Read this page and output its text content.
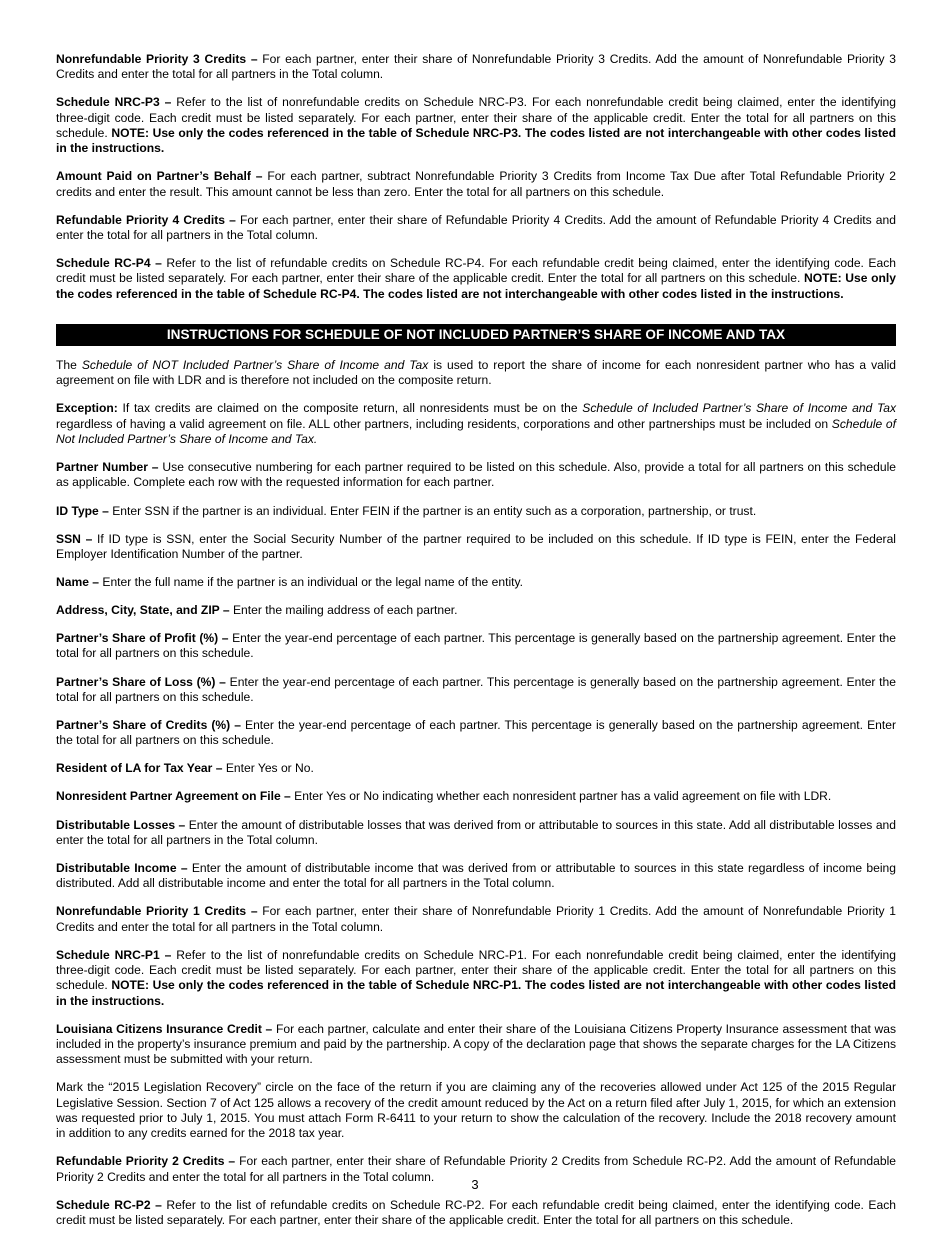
Nonrefundable Priority 3 Credits – For each partner, enter their share of Nonrefundable Priority 3 Credits. Add the amount of Nonrefundable Priority 3 Credits and enter the total for all partners in the Total column.

Schedule NRC-P3 – Refer to the list of nonrefundable credits on Schedule NRC-P3. For each nonrefundable credit being claimed, enter the identifying three-digit code. Each credit must be listed separately. For each partner, enter their share of the applicable credit. Enter the total for all partners on this schedule. NOTE: Use only the codes referenced in the table of Schedule NRC-P3. The codes listed are not interchangeable with other codes listed in the instructions.

Amount Paid on Partner’s Behalf – For each partner, subtract Nonrefundable Priority 3 Credits from Income Tax Due after Total Refundable Priority 2 credits and enter the result. This amount cannot be less than zero. Enter the total for all partners on this schedule.

Refundable Priority 4 Credits – For each partner, enter their share of Refundable Priority 4 Credits. Add the amount of Refundable Priority 4 Credits and enter the total for all partners in the Total column.

Schedule RC-P4 – Refer to the list of refundable credits on Schedule RC-P4. For each refundable credit being claimed, enter the identifying code. Each credit must be listed separately. For each partner, enter their share of the applicable credit. Enter the total for all partners on this schedule. NOTE: Use only the codes referenced in the table of Schedule RC-P4. The codes listed are not interchangeable with other codes listed in the instructions.

INSTRUCTIONS FOR SCHEDULE OF NOT INCLUDED PARTNER’S SHARE OF INCOME AND TAX

The Schedule of NOT Included Partner’s Share of Income and Tax is used to report the share of income for each nonresident partner who has a valid agreement on file with LDR and is therefore not included on the composite return.

Exception: If tax credits are claimed on the composite return, all nonresidents must be on the Schedule of Included Partner’s Share of Income and Tax regardless of having a valid agreement on file. ALL other partners, including residents, corporations and other partnerships must be included on Schedule of Not Included Partner’s Share of Income and Tax.

Partner Number – Use consecutive numbering for each partner required to be listed on this schedule. Also, provide a total for all partners on this schedule as applicable. Complete each row with the requested information for each partner.

ID Type – Enter SSN if the partner is an individual. Enter FEIN if the partner is an entity such as a corporation, partnership, or trust.

SSN – If ID type is SSN, enter the Social Security Number of the partner required to be included on this schedule. If ID type is FEIN, enter the Federal Employer Identification Number of the partner.

Name – Enter the full name if the partner is an individual or the legal name of the entity.

Address, City, State, and ZIP – Enter the mailing address of each partner.

Partner’s Share of Profit (%) – Enter the year-end percentage of each partner. This percentage is generally based on the partnership agreement. Enter the total for all partners on this schedule.

Partner’s Share of Loss (%) – Enter the year-end percentage of each partner. This percentage is generally based on the partnership agreement. Enter the total for all partners on this schedule.

Partner’s Share of Credits (%) – Enter the year-end percentage of each partner. This percentage is generally based on the partnership agreement. Enter the total for all partners on this schedule.

Resident of LA for Tax Year – Enter Yes or No.

Nonresident Partner Agreement on File – Enter Yes or No indicating whether each nonresident partner has a valid agreement on file with LDR.

Distributable Losses – Enter the amount of distributable losses that was derived from or attributable to sources in this state. Add all distributable losses and enter the total for all partners in the Total column.

Distributable Income – Enter the amount of distributable income that was derived from or attributable to sources in this state regardless of income being distributed. Add all distributable income and enter the total for all partners in the Total column.

Nonrefundable Priority 1 Credits – For each partner, enter their share of Nonrefundable Priority 1 Credits. Add the amount of Nonrefundable Priority 1 Credits and enter the total for all partners in the Total column.

Schedule NRC-P1 – Refer to the list of nonrefundable credits on Schedule NRC-P1. For each nonrefundable credit being claimed, enter the identifying three-digit code. Each credit must be listed separately. For each partner, enter their share of the applicable credit. Enter the total for all partners on this schedule. NOTE: Use only the codes referenced in the table of Schedule NRC-P1. The codes listed are not interchangeable with other codes listed in the instructions.

Louisiana Citizens Insurance Credit – For each partner, calculate and enter their share of the Louisiana Citizens Property Insurance assessment that was included in the property’s insurance premium and paid by the partnership. A copy of the declaration page that shows the separate charges for the LA Citizens assessment must be submitted with your return.

Mark the “2015 Legislation Recovery” circle on the face of the return if you are claiming any of the recoveries allowed under Act 125 of the 2015 Regular Legislative Session. Section 7 of Act 125 allows a recovery of the credit amount reduced by the Act on a return filed after July 1, 2015, for which an extension was requested prior to July 1, 2015. You must attach Form R-6411 to your return to show the calculation of the recovery. Include the 2018 recovery amount in addition to any credits earned for the 2018 tax year.

Refundable Priority 2 Credits – For each partner, enter their share of Refundable Priority 2 Credits from Schedule RC-P2. Add the amount of Refundable Priority 2 Credits and enter the total for all partners in the Total column.

Schedule RC-P2 – Refer to the list of refundable credits on Schedule RC-P2. For each refundable credit being claimed, enter the identifying code. Each credit must be listed separately. For each partner, enter their share of the applicable credit. Enter the total for all partners on this schedule.

3
